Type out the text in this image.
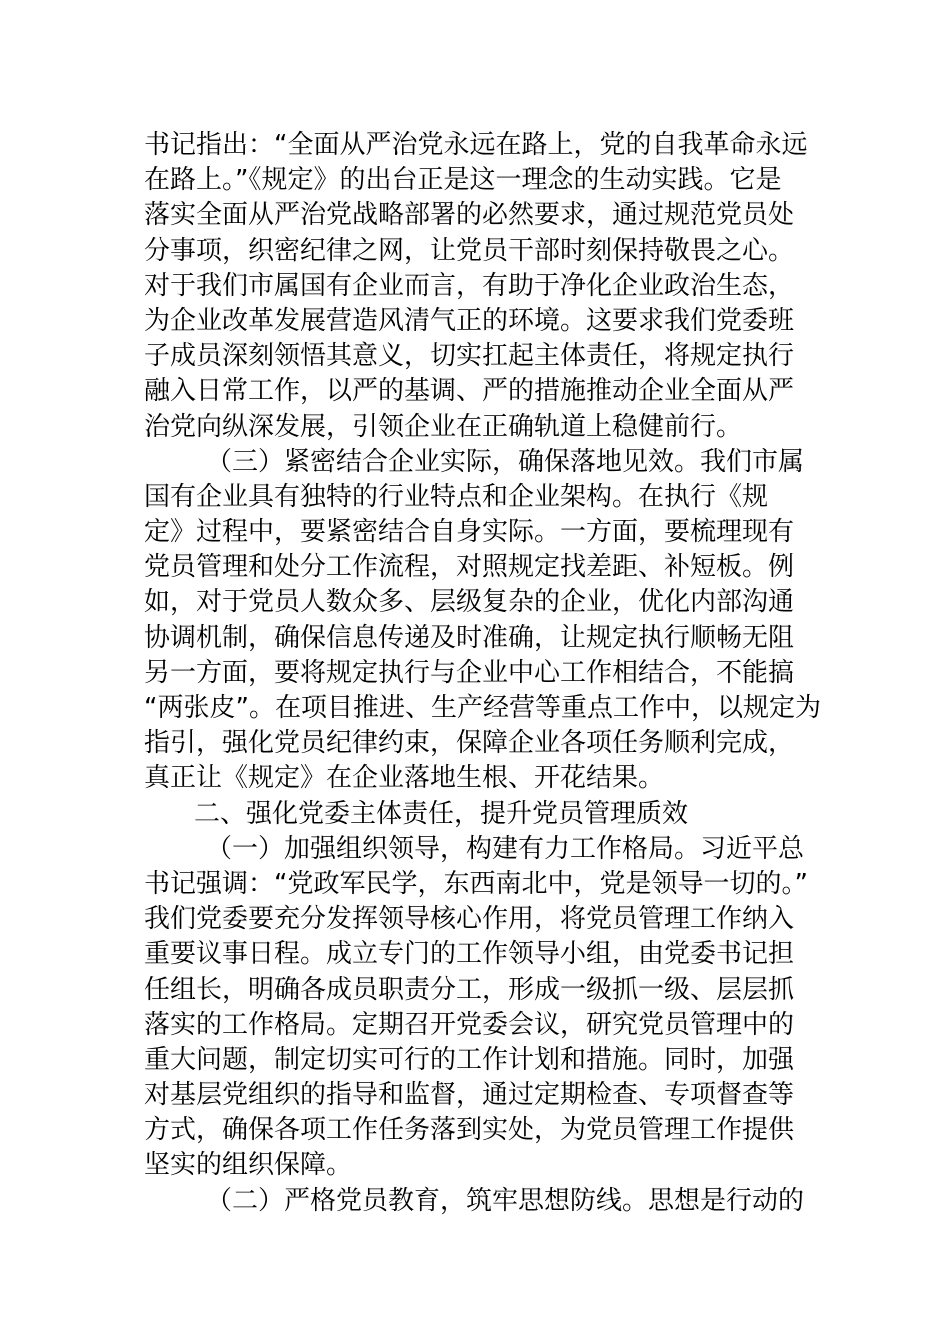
书记指出：“全面从严治党永远在路上，党的自我革命永远
在路上。”《规定》的出台正是这一理念的生动实践。它是
落实全面从严治党战略部署的必然要求，通过规范党员处
分事项，织密纪律之网，让党员干部时刻保持敬畏之心。
对于我们市属国有企业而言，有助于净化企业政治生态，
为企业改革发展营造风清气正的环境。这要求我们党委班
子成员深刻领悟其意义，切实扛起主体责任，将规定执行
融入日常工作，以严的基调、严的措施推动企业全面从严
治党向纵深发展，引领企业在正确轨道上稳健前行。
（三）紧密结合企业实际，确保落地见效。我们市属
国有企业具有独特的行业特点和企业架构。在执行《规
定》过程中，要紧密结合自身实际。一方面，要梳理现有
党员管理和处分工作流程，对照规定找差距、补短板。例
如，对于党员人数众多、层级复杂的企业，优化内部沟通
协调机制，确保信息传递及时准确，让规定执行顺畅无阻
另一方面，要将规定执行与企业中心工作相结合，不能搞
“两张皮”。在项目推进、生产经营等重点工作中，以规定为
指引，强化党员纪律约束，保障企业各项任务顺利完成，
真正让《规定》在企业落地生根、开花结果。
二、强化党委主体责任，提升党员管理质效
（一）加强组织领导，构建有力工作格局。习近平总
书记强调：“党政军民学，东西南北中，党是领导一切的。”
我们党委要充分发挥领导核心作用，将党员管理工作纳入
重要议事日程。成立专门的工作领导小组，由党委书记担
任组长，明确各成员职责分工，形成一级抓一级、层层抓
落实的工作格局。定期召开党委会议，研究党员管理中的
重大问题，制定切实可行的工作计划和措施。同时，加强
对基层党组织的指导和监督，通过定期检查、专项督查等
方式，确保各项工作任务落到实处，为党员管理工作提供
坚实的组织保障。
（二）严格党员教育，筑牢思想防线。思想是行动的
